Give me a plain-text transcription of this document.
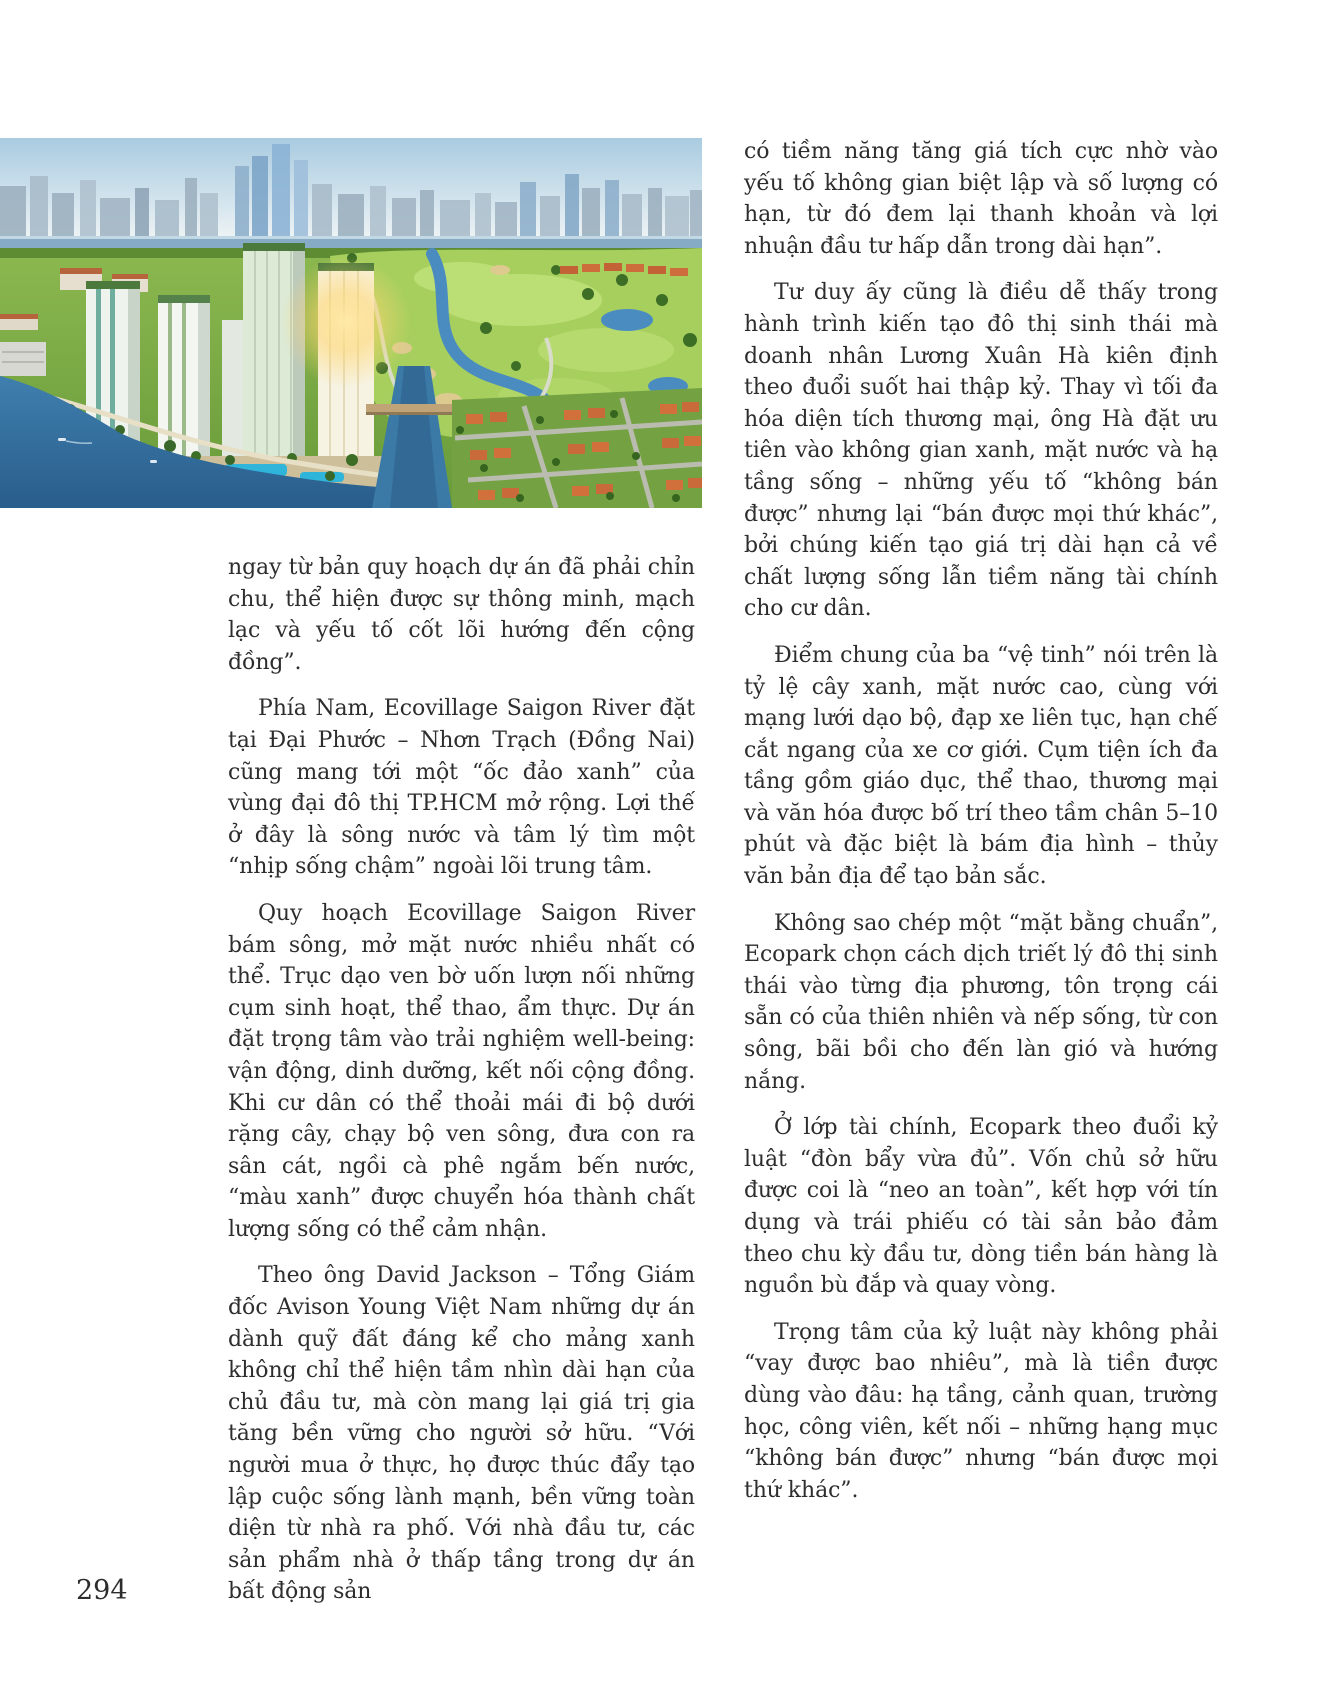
ngay từ bản quy hoạch dự án đã phải chỉn chu, thể hiện được sự thông minh, mạch lạc và yếu tố cốt lõi hướng đến cộng đồng”.

Phía Nam, Ecovillage Saigon River đặt tại Đại Phước – Nhơn Trạch (Đồng Nai) cũng mang tới một “ốc đảo xanh” của vùng đại đô thị TP.HCM mở rộng. Lợi thế ở đây là sông nước và tâm lý tìm một “nhịp sống chậm” ngoài lõi trung tâm.

Quy hoạch Ecovillage Saigon River bám sông, mở mặt nước nhiều nhất có thể. Trục dạo ven bờ uốn lượn nối những cụm sinh hoạt, thể thao, ẩm thực. Dự án đặt trọng tâm vào trải nghiệm well-being: vận động, dinh dưỡng, kết nối cộng đồng. Khi cư dân có thể thoải mái đi bộ dưới rặng cây, chạy bộ ven sông, đưa con ra sân cát, ngồi cà phê ngắm bến nước, “màu xanh” được chuyển hóa thành chất lượng sống có thể cảm nhận.

Theo ông David Jackson – Tổng Giám đốc Avison Young Việt Nam những dự án dành quỹ đất đáng kể cho mảng xanh không chỉ thể hiện tầm nhìn dài hạn của chủ đầu tư, mà còn mang lại giá trị gia tăng bền vững cho người sở hữu. “Với người mua ở thực, họ được thúc đẩy tạo lập cuộc sống lành mạnh, bền vững toàn diện từ nhà ra phố. Với nhà đầu tư, các sản phẩm nhà ở thấp tầng trong dự án bất động sản

có tiềm năng tăng giá tích cực nhờ vào yếu tố không gian biệt lập và số lượng có hạn, từ đó đem lại thanh khoản và lợi nhuận đầu tư hấp dẫn trong dài hạn”.

Tư duy ấy cũng là điều dễ thấy trong hành trình kiến tạo đô thị sinh thái mà doanh nhân Lương Xuân Hà kiên định theo đuổi suốt hai thập kỷ. Thay vì tối đa hóa diện tích thương mại, ông Hà đặt ưu tiên vào không gian xanh, mặt nước và hạ tầng sống – những yếu tố “không bán được” nhưng lại “bán được mọi thứ khác”, bởi chúng kiến tạo giá trị dài hạn cả về chất lượng sống lẫn tiềm năng tài chính cho cư dân.

Điểm chung của ba “vệ tinh” nói trên là tỷ lệ cây xanh, mặt nước cao, cùng với mạng lưới dạo bộ, đạp xe liên tục, hạn chế cắt ngang của xe cơ giới. Cụm tiện ích đa tầng gồm giáo dục, thể thao, thương mại và văn hóa được bố trí theo tầm chân 5–10 phút và đặc biệt là bám địa hình – thủy văn bản địa để tạo bản sắc.

Không sao chép một “mặt bằng chuẩn”, Ecopark chọn cách dịch triết lý đô thị sinh thái vào từng địa phương, tôn trọng cái sẵn có của thiên nhiên và nếp sống, từ con sông, bãi bồi cho đến làn gió và hướng nắng.

Ở lớp tài chính, Ecopark theo đuổi kỷ luật “đòn bẩy vừa đủ”. Vốn chủ sở hữu được coi là “neo an toàn”, kết hợp với tín dụng và trái phiếu có tài sản bảo đảm theo chu kỳ đầu tư, dòng tiền bán hàng là nguồn bù đắp và quay vòng.

Trọng tâm của kỷ luật này không phải “vay được bao nhiêu”, mà là tiền được dùng vào đâu: hạ tầng, cảnh quan, trường học, công viên, kết nối – những hạng mục “không bán được” nhưng “bán được mọi thứ khác”.

294
